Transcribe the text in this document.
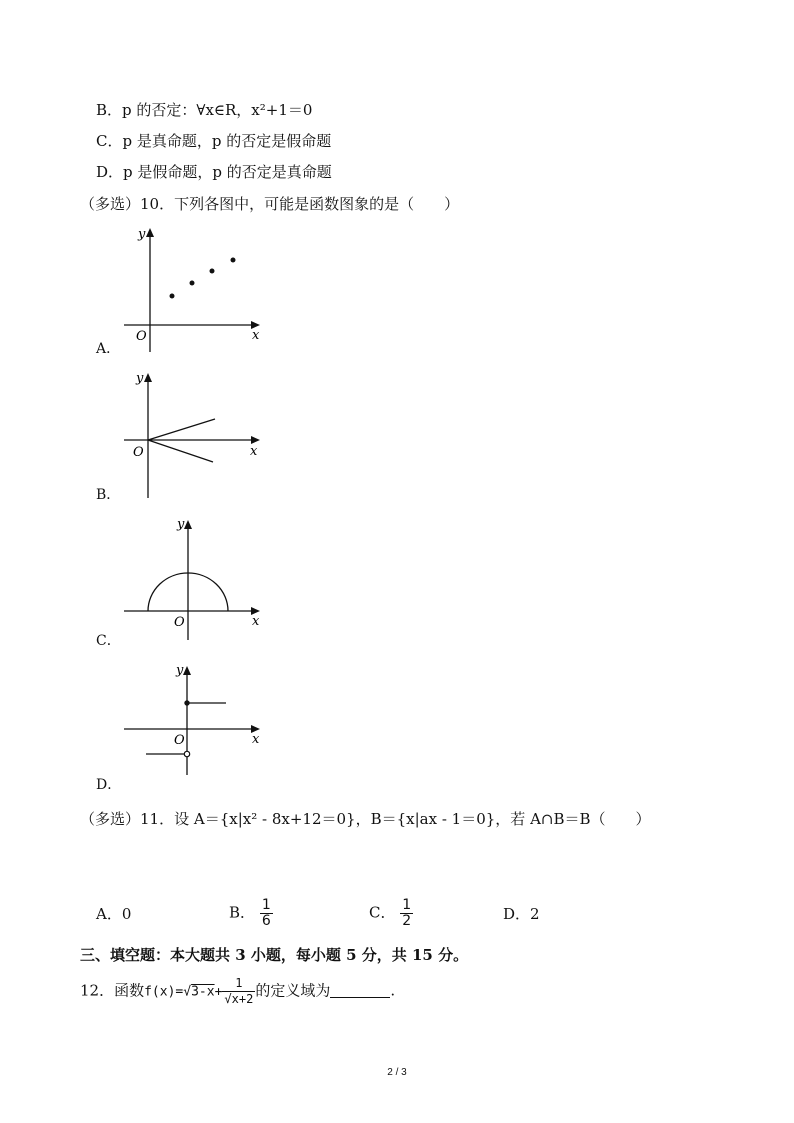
B．p 的否定：∀x∈R，x²+1＝0
C．p 是真命题，p 的否定是假命题
D．p 是假命题，p 的否定是真命题
（多选）10．下列各图中，可能是函数图象的是（　　）
x
y
O
A．
x
y
O
B．
x
y
O
C．
x
y
O
D．
（多选）11．设 A＝{x|x² - 8x+12＝0}，B＝{x|ax - 1＝0}，若 A∩B＝B（　　）
A．0	B． $\frac{1}{6}$	C． $\frac{1}{2}$	D．2
三、填空题：本大题共 3 小题，每小题 5 分，共 15 分。
12．函数$f(x)=√3-x+ \frac{1}{√x+2}$ 的定义域为	.
2 / 3
